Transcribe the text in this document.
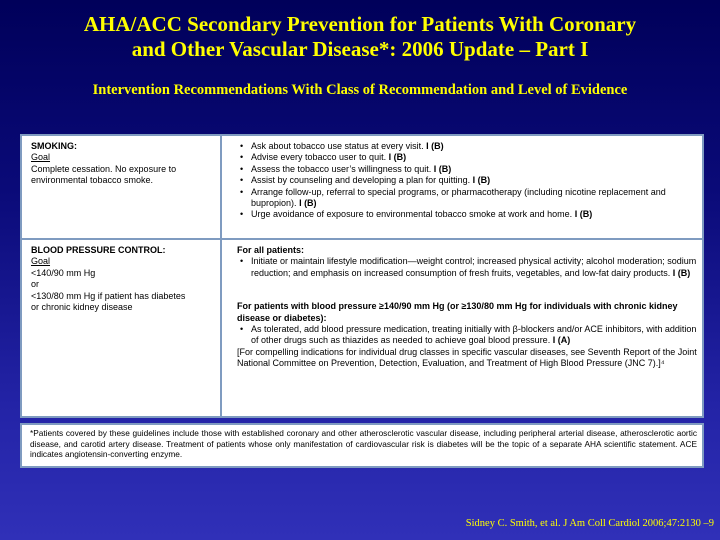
AHA/ACC Secondary Prevention for Patients With Coronary
and Other Vascular Disease*: 2006 Update – Part I
Intervention Recommendations With Class of Recommendation and Level of Evidence
SMOKING:
Goal
Complete cessation. No exposure to
environmental tobacco smoke.
• Ask about tobacco use status at every visit. I (B)
• Advise every tobacco user to quit. I (B)
• Assess the tobacco user’s willingness to quit. I (B)
• Assist by counseling and developing a plan for quitting. I (B)
• Arrange follow-up, referral to special programs, or pharmacotherapy (including nicotine replacement and bupropion). I (B)
• Urge avoidance of exposure to environmental tobacco smoke at work and home. I (B)
BLOOD PRESSURE CONTROL:
Goal
<140/90 mm Hg
or
<130/80 mm Hg if patient has diabetes
or chronic kidney disease
For all patients:
• Initiate or maintain lifestyle modification—weight control; increased physical activity; alcohol moderation; sodium reduction; and emphasis on increased consumption of fresh fruits, vegetables, and low-fat dairy products. I (B)
For patients with blood pressure ≥140/90 mm Hg (or ≥130/80 mm Hg for individuals with chronic kidney disease or diabetes):
• As tolerated, add blood pressure medication, treating initially with β-blockers and/or ACE inhibitors, with addition of other drugs such as thiazides as needed to achieve goal blood pressure. I (A)
[For compelling indications for individual drug classes in specific vascular diseases, see Seventh Report of the Joint National Committee on Prevention, Detection, Evaluation, and Treatment of High Blood Pressure (JNC 7).]⁴
*Patients covered by these guidelines include those with established coronary and other atherosclerotic vascular disease, including peripheral arterial disease, atherosclerotic aortic disease, and carotid artery disease. Treatment of patients whose only manifestation of cardiovascular risk is diabetes will be the topic of a separate AHA scientific statement. ACE indicates angiotensin-converting enzyme.
Sidney C. Smith, et al. J Am Coll Cardiol 2006;47:2130 –9
